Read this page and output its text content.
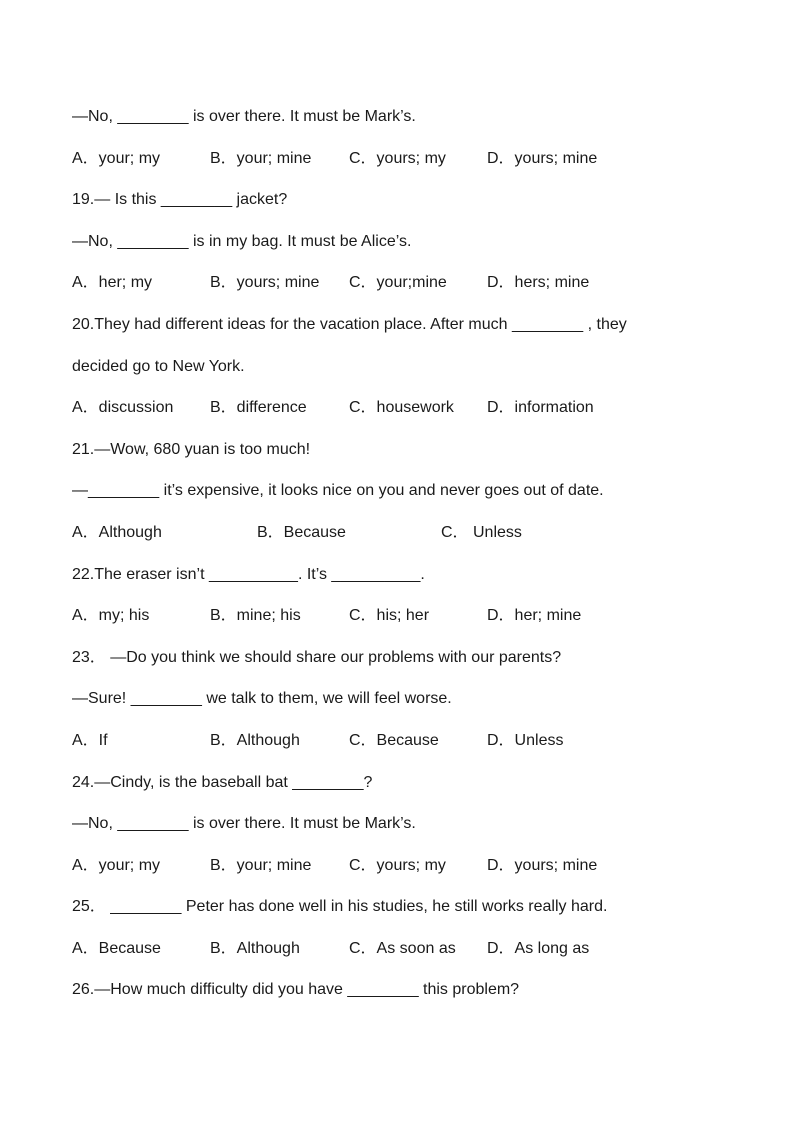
—No, ________ is over there. It must be Mark’s.
A．your; my	B．your; mine C．yours; my	D．yours; mine
19.— Is this ________ jacket?
—No, ________ is in my bag. It must be Alice’s.
A．her; my	B．yours; mine C．your;mine	D．hers; mine
20.They had different ideas for the vacation place. After much ________ , they
decided go to New York.
A．discussion B．difference	C．housework D．information
21.—Wow, 680 yuan is too much!
—________ it’s expensive, it looks nice on you and never goes out of date.
A．Although	B．Because	C． Unless
22.The eraser isn’t __________. It’s __________.
A．my; his	B．mine; his	C．his; her	D．her; mine
23． —Do you think we should share our problems with our parents?
—Sure! ________ we talk to them, we will feel worse.
A．If	B．Although	C．Because	D．Unless
24.—Cindy, is the baseball bat ________?
—No, ________ is over there. It must be Mark’s.
A．your; my	B．your; mine C．yours; my	D．yours; mine
25． ________ Peter has done well in his studies, he still works really hard.
A．Because	B．Although	C．As soon as D．As long as
26.—How much difficulty did you have ________ this problem?
